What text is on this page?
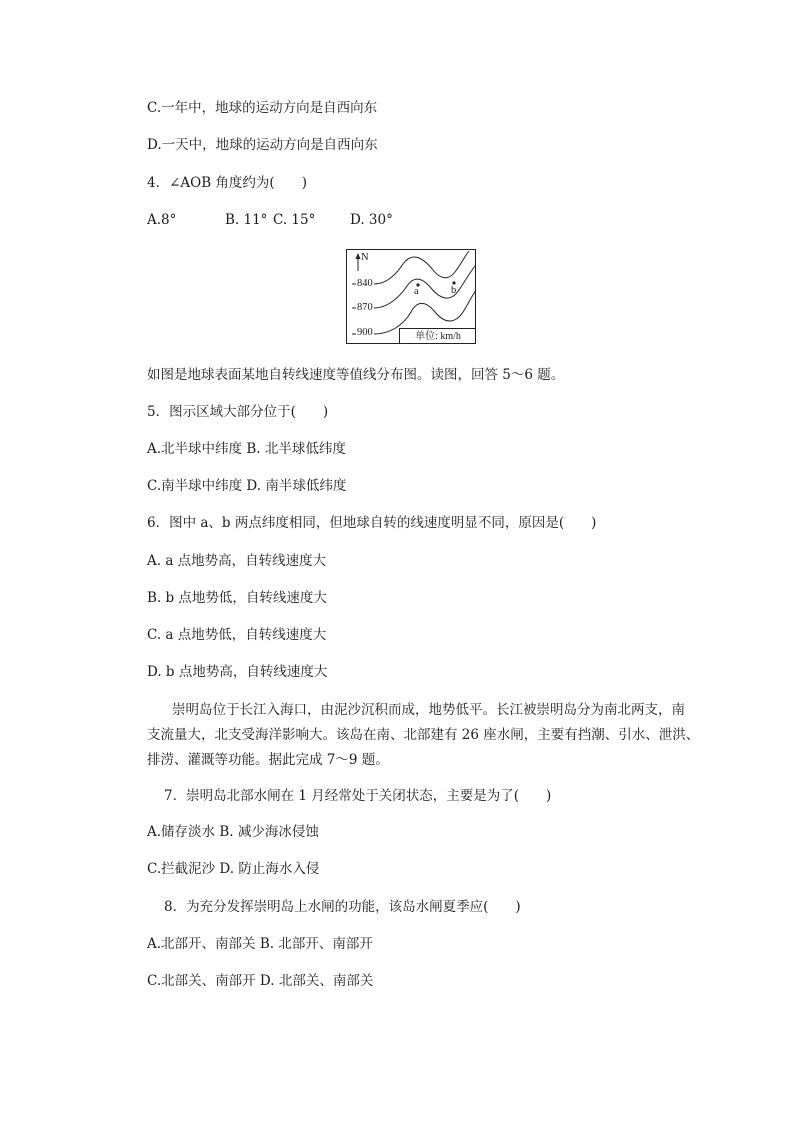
C.一年中，地球的运动方向是自西向东
D.一天中，地球的运动方向是自西向东
4．∠AOB 角度约为(　　)
A.8°	B. 11° C. 15°	D. 30°
N
840
870
900
a	b
单位: km/h
如图是地球表面某地自转线速度等值线分布图。读图，回答 5～6 题。
5．图示区域大部分位于(　　)
A.北半球中纬度 B. 北半球低纬度
C.南半球中纬度 D. 南半球低纬度
6．图中 a、b 两点纬度相同，但地球自转的线速度明显不同，原因是(　　)
A. a 点地势高，自转线速度大
B. b 点地势低，自转线速度大
C. a 点地势低，自转线速度大
D. b 点地势高，自转线速度大
崇明岛位于长江入海口，由泥沙沉积而成，地势低平。长江被崇明岛分为南北两支，南
支流量大，北支受海洋影响大。该岛在南、北部建有 26 座水闸，主要有挡潮、引水、泄洪、
排涝、灌溉等功能。据此完成 7～9 题。
7．崇明岛北部水闸在 1 月经常处于关闭状态，主要是为了(　　)
A.储存淡水 B. 减少海冰侵蚀
C.拦截泥沙 D. 防止海水入侵
8．为充分发挥崇明岛上水闸的功能，该岛水闸夏季应(　　)
A.北部开、南部关 B. 北部开、南部开
C.北部关、南部开 D. 北部关、南部关
